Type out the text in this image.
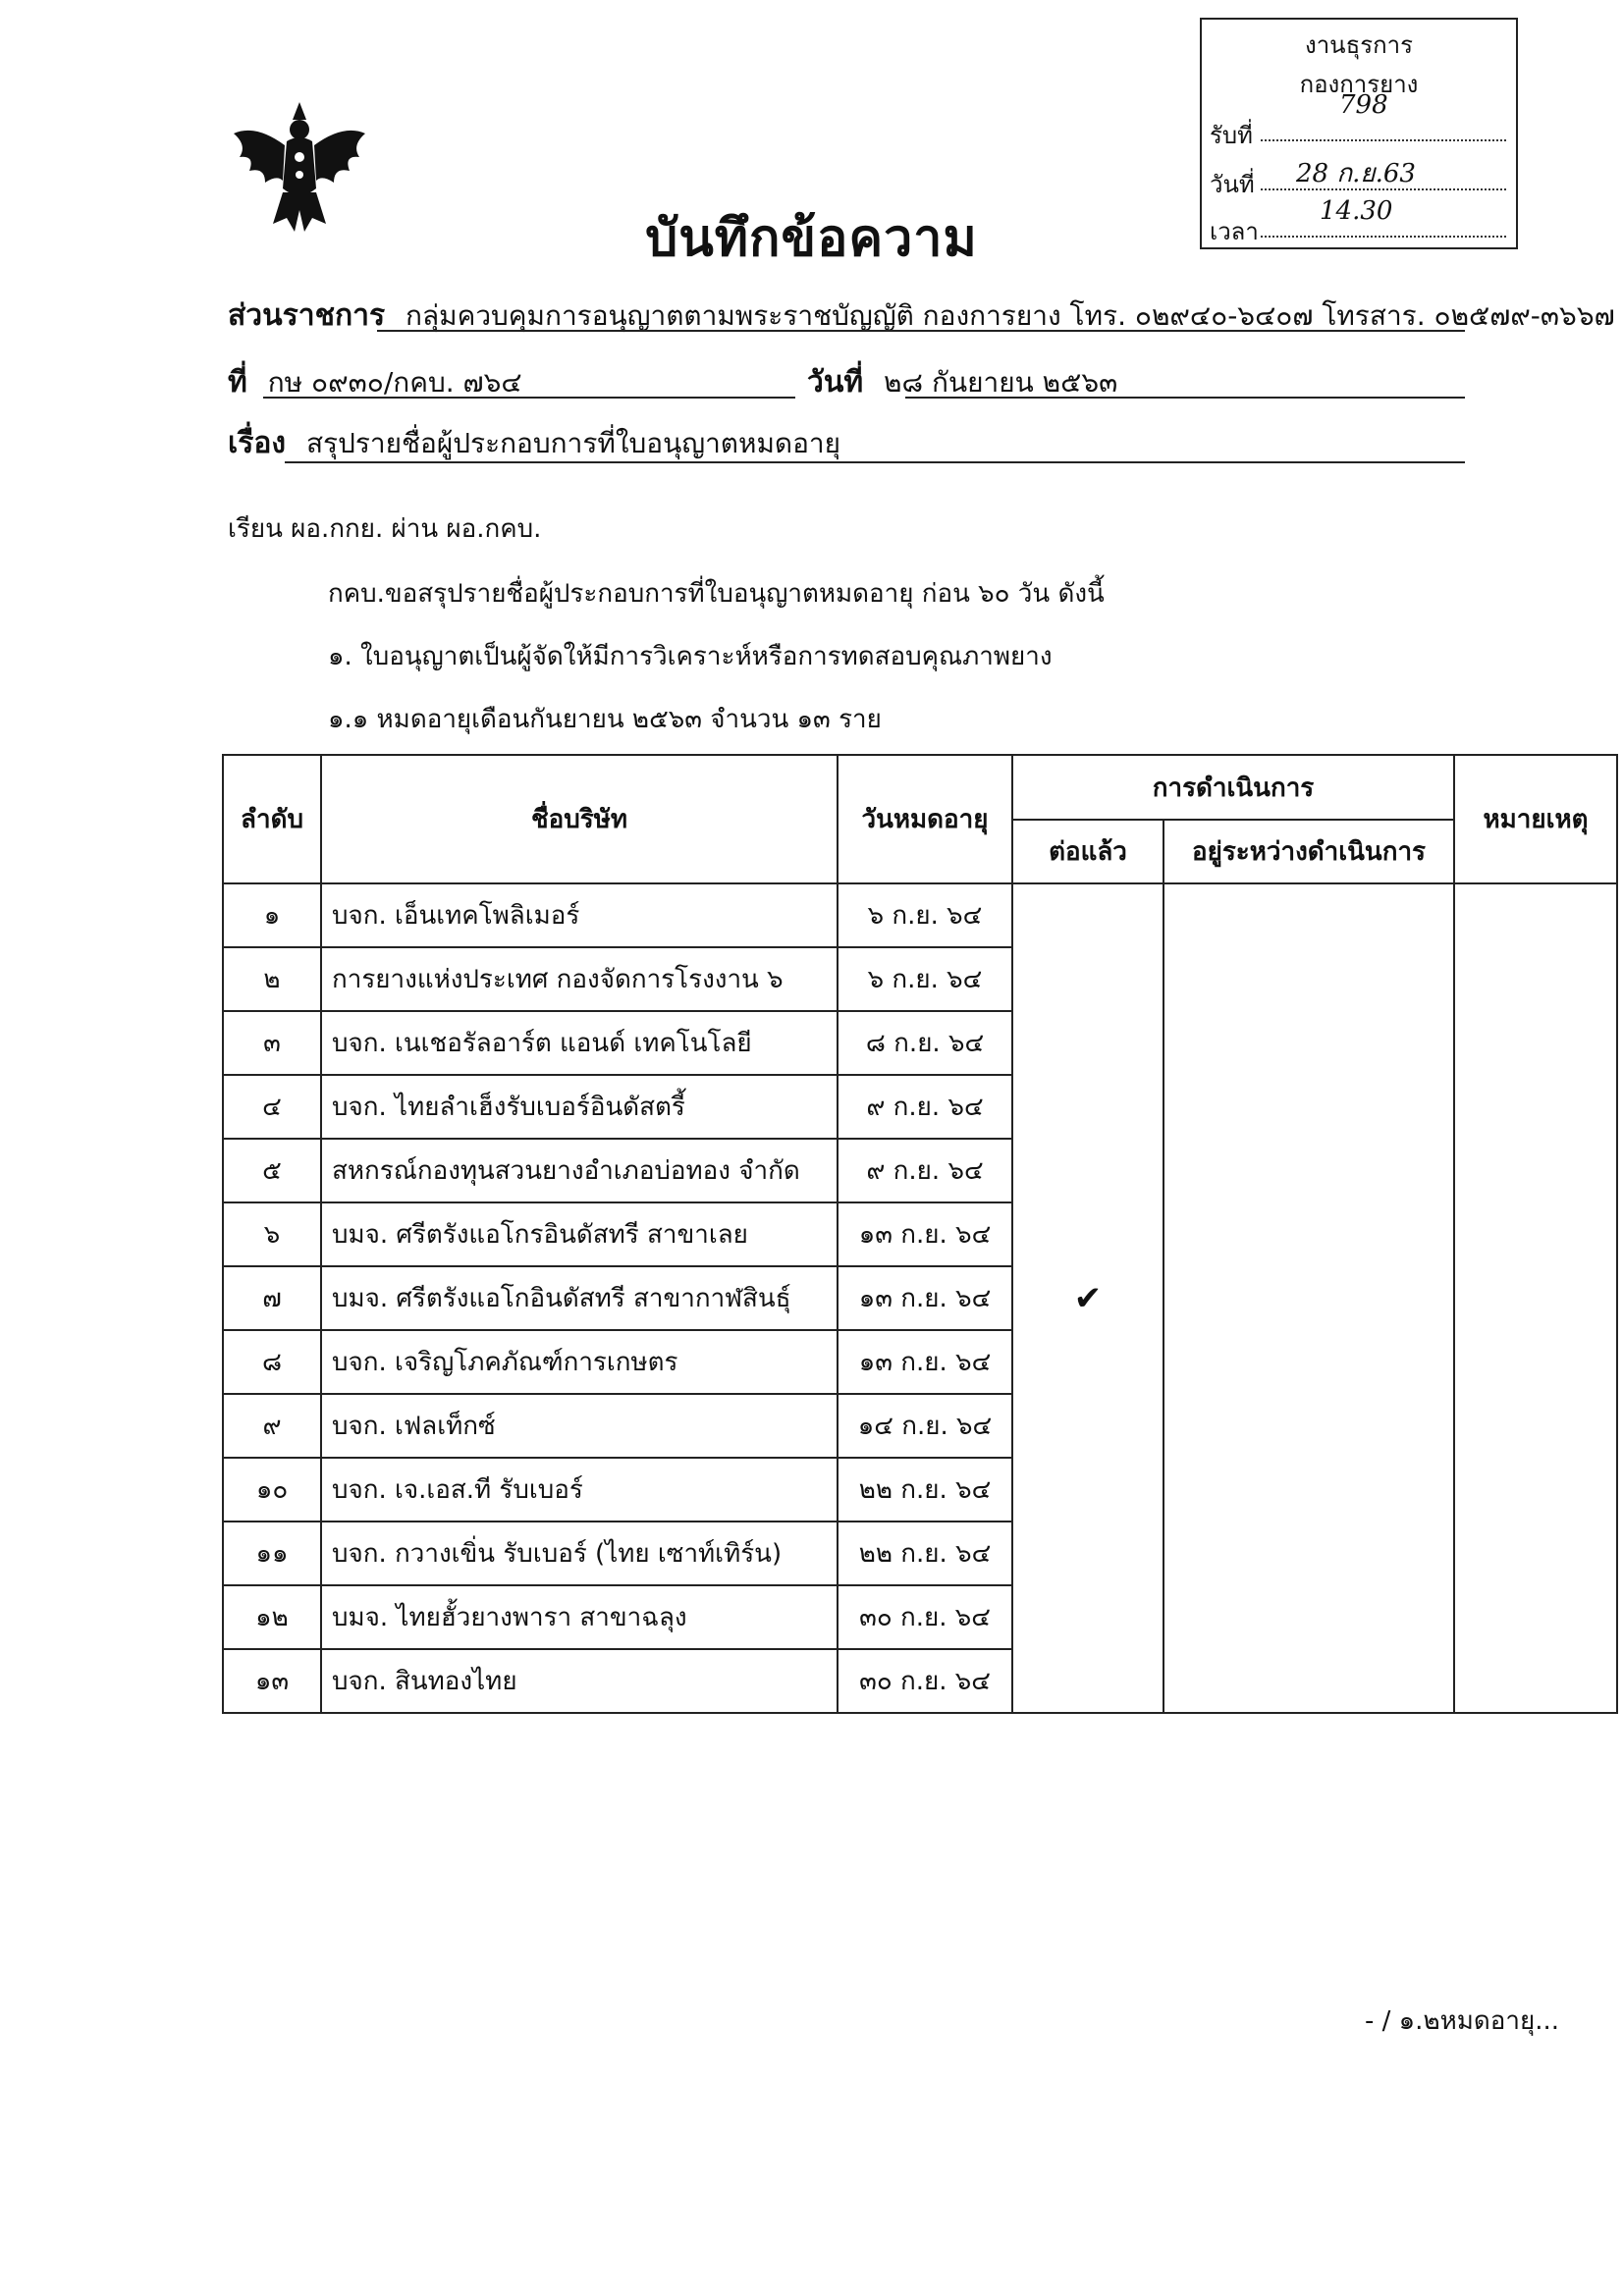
งานธุรการ
กองการยาง
รับที่
798
วันที่	28 ก.ย.63
เวลา
14.30
บันทึกข้อความ
ส่วนราชการ กลุ่มควบคุมการอนุญาตตามพระราชบัญญัติ กองการยาง โทร. ๐๒๙๔๐-๖๔๐๗ โทรสาร. ๐๒๕๗๙-๓๖๖๗
ที่ กษ ๐๙๓๐/กคบ. ๗๖๔	วันที่ ๒๘ กันยายน ๒๕๖๓
เรื่อง สรุปรายชื่อผู้ประกอบการที่ใบอนุญาตหมดอายุ
เรียน ผอ.กกย. ผ่าน ผอ.กคบ.
กคบ.ขอสรุปรายชื่อผู้ประกอบการที่ใบอนุญาตหมดอายุ ก่อน ๖๐ วัน ดังนี้
๑. ใบอนุญาตเป็นผู้จัดให้มีการวิเคราะห์หรือการทดสอบคุณภาพยาง
๑.๑ หมดอายุเดือนกันยายน ๒๕๖๓ จำนวน ๑๓ ราย
ลำดับ	ชื่อบริษัท	วันหมดอายุ	การดำเนินการ		หมายเหตุ
			ต่อแล้ว	อยู่ระหว่างดำเนินการ	
๑	บจก. เอ็นเทคโพลิเมอร์	๖ ก.ย. ๖๔	✔		
๒	การยางแห่งประเทศ กองจัดการโรงงาน ๖	๖ ก.ย. ๖๔			
๓	บจก. เนเชอรัลอาร์ต แอนด์ เทคโนโลยี	๘ ก.ย. ๖๔			
๔	บจก. ไทยลำเฮ็งรับเบอร์อินดัสตรี้	๙ ก.ย. ๖๔			
๕	สหกรณ์กองทุนสวนยางอำเภอบ่อทอง จำกัด	๙ ก.ย. ๖๔			
๖	บมจ. ศรีตรังแอโกรอินดัสทรี สาขาเลย	๑๓ ก.ย. ๖๔			
๗	บมจ. ศรีตรังแอโกอินดัสทรี สาขากาฬสินธุ์	๑๓ ก.ย. ๖๔			
๘	บจก. เจริญโภคภัณฑ์การเกษตร	๑๓ ก.ย. ๖๔			
๙	บจก. เฟลเท็กซ์	๑๔ ก.ย. ๖๔			
๑๐	บจก. เจ.เอส.ที รับเบอร์	๒๒ ก.ย. ๖๔			
๑๑	บจก. กวางเขิ่น รับเบอร์ (ไทย เซาท์เทิร์น)	๒๒ ก.ย. ๖๔			
๑๒	บมจ. ไทยฮั้วยางพารา สาขาฉลุง	๓๐ ก.ย. ๖๔			
๑๓	บจก. สินทองไทย	๓๐ ก.ย. ๖๔			
- / ๑.๒หมดอายุ...
